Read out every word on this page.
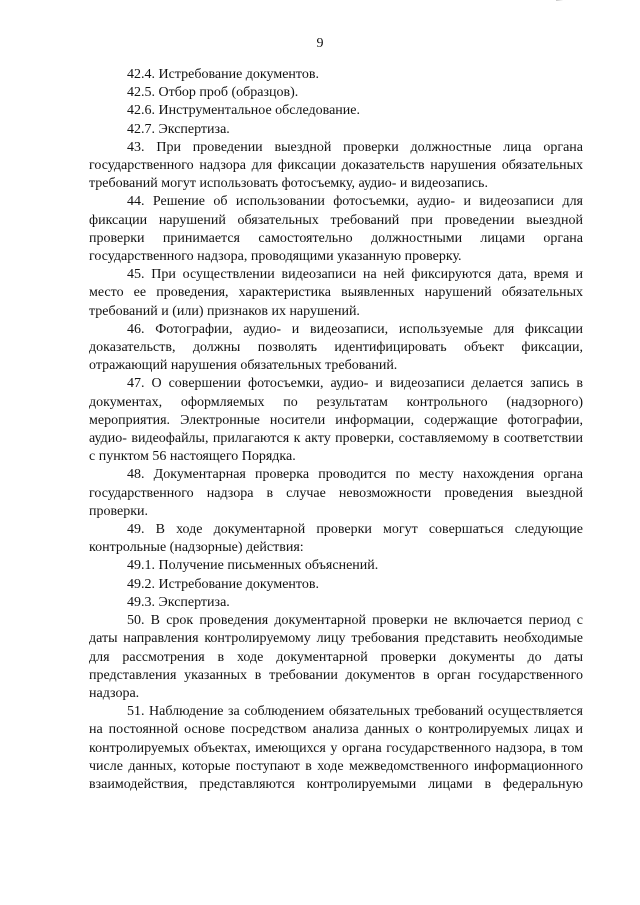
9

42.4. Истребование документов.

42.5. Отбор проб (образцов).

42.6. Инструментальное обследование.

42.7. Экспертиза.

43. При проведении выездной проверки должностные лица органа государственного надзора для фиксации доказательств нарушения обязательных требований могут использовать фотосъемку, аудио- и видеозапись.

44. Решение об использовании фотосъемки, аудио- и видеозаписи для фиксации нарушений обязательных требований при проведении выездной проверки принимается самостоятельно должностными лицами органа государственного надзора, проводящими указанную проверку.

45. При осуществлении видеозаписи на ней фиксируются дата, время и место ее проведения, характеристика выявленных нарушений обязательных требований и (или) признаков их нарушений.

46. Фотографии, аудио- и видеозаписи, используемые для фиксации доказательств, должны позволять идентифицировать объект фиксации, отражающий нарушения обязательных требований.

47. О совершении фотосъемки, аудио- и видеозаписи делается запись в документах, оформляемых по результатам контрольного (надзорного) мероприятия. Электронные носители информации, содержащие фотографии, аудио- видеофайлы, прилагаются к акту проверки, составляемому в соответствии с пунктом 56 настоящего Порядка.

48. Документарная проверка проводится по месту нахождения органа государственного надзора в случае невозможности проведения выездной проверки.

49. В ходе документарной проверки могут совершаться следующие контрольные (надзорные) действия:

49.1. Получение письменных объяснений.

49.2. Истребование документов.

49.3. Экспертиза.

50. В срок проведения документарной проверки не включается период с даты направления контролируемому лицу требования представить необходимые для рассмотрения в ходе документарной проверки документы до даты представления указанных в требовании документов в орган государственного надзора.

51. Наблюдение за соблюдением обязательных требований осуществляется на постоянной основе посредством анализа данных о контролируемых лицах и контролируемых объектах, имеющихся у органа государственного надзора, в том числе данных, которые поступают в ходе межведомственного информационного взаимодействия, представляются контролируемыми лицами в федеральную
